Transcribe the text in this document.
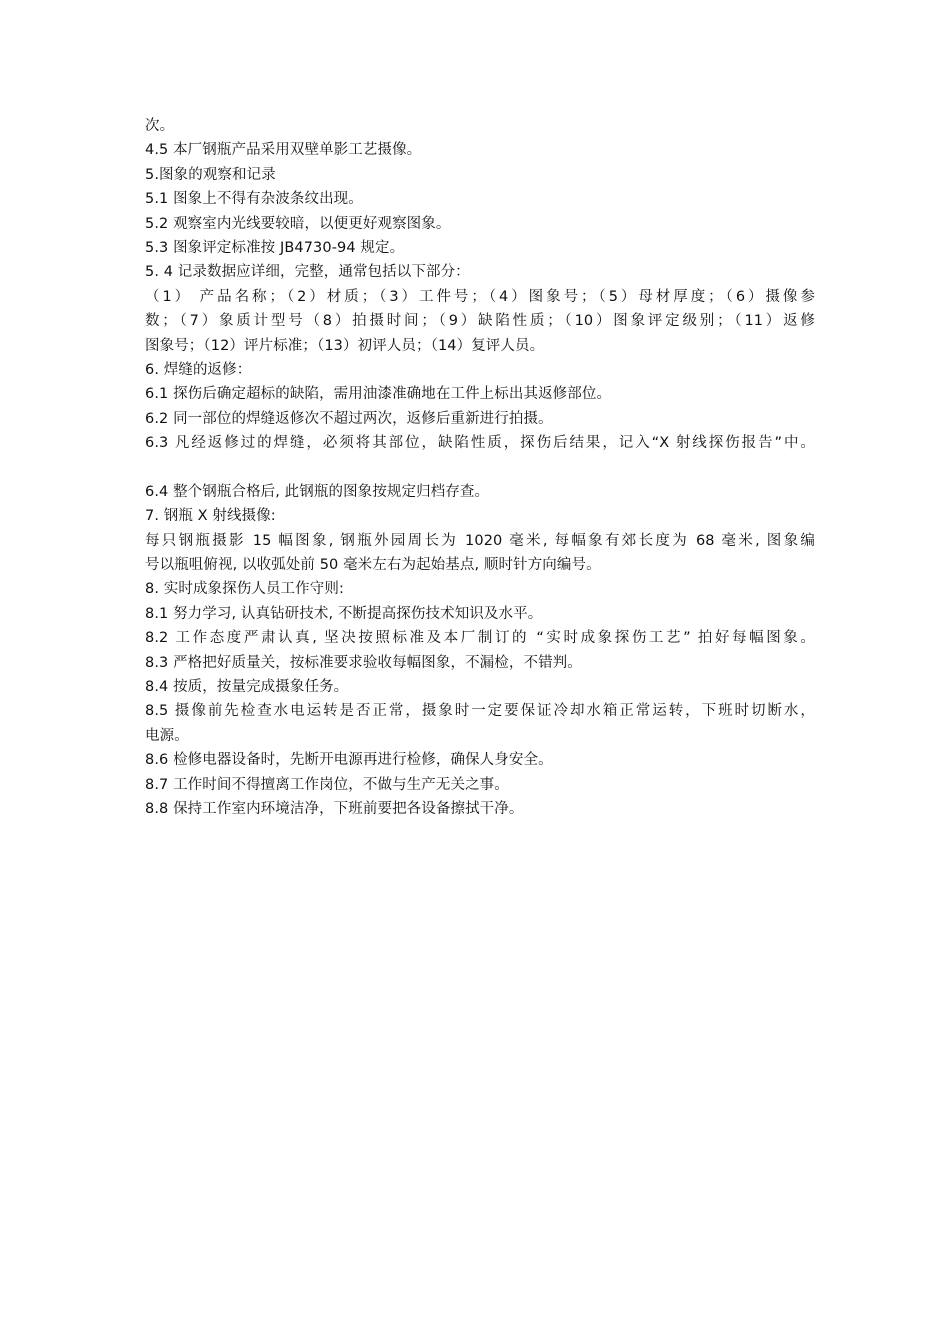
次。
4.5 本厂钢瓶产品采用双壁单影工艺摄像。
5.图象的观察和记录
5.1 图象上不得有杂波条纹出现。
5.2 观察室内光线要较暗，以便更好观察图象。
5.3 图象评定标准按 JB4730-94 规定。
5. 4 记录数据应详细，完整，通常包括以下部分：
（1） 产品名称；（2）材质；（3）工件号；（4）图象号；（5）母材厚度；（6）摄像参
数；（7）象质计型号（8）拍摄时间；（9）缺陷性质；（10）图象评定级别；（11）返修
图象号；（12）评片标准；（13）初评人员；（14）复评人员。
6. 焊缝的返修：
6.1 探伤后确定超标的缺陷，需用油漆准确地在工件上标出其返修部位。
6.2 同一部位的焊缝返修次不超过两次，返修后重新进行拍摄。
6.3 凡经返修过的焊缝，必须将其部位，缺陷性质，探伤后结果，记入“X 射线探伤报告”中。
6.4 整个钢瓶合格后, 此钢瓶的图象按规定归档存查。
7. 钢瓶 X 射线摄像:
每只钢瓶摄影 15 幅图象, 钢瓶外园周长为 1020 毫米, 每幅象有郊长度为 68 毫米, 图象编
号以瓶咀俯视, 以收弧处前 50 毫米左右为起始基点, 顺时针方向编号。
8. 实时成象探伤人员工作守则:
8.1 努力学习, 认真钻研技术, 不断提高探伤技术知识及水平。
8.2 工作态度严肃认真, 坚决按照标准及本厂制订的 “实时成象探伤工艺” 拍好每幅图象。
8.3 严格把好质量关，按标准要求验收每幅图象，不漏检，不错判。
8.4 按质，按量完成摄象任务。
8.5 摄像前先检查水电运转是否正常，摄象时一定要保证冷却水箱正常运转，下班时切断水，
电源。
8.6 检修电器设备时，先断开电源再进行检修，确保人身安全。
8.7 工作时间不得擅离工作岗位，不做与生产无关之事。
8.8 保持工作室内环境洁净，下班前要把各设备擦拭干净。
